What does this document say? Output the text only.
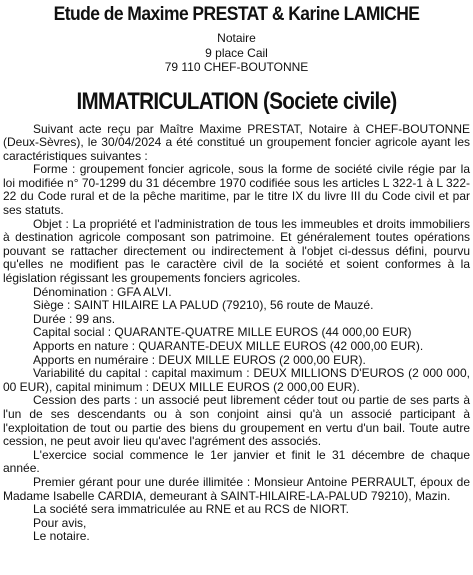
Etude de Maxime PRESTAT & Karine LAMICHE
Notaire
9 place Cail
79 110 CHEF-BOUTONNE
IMMATRICULATION (Societe civile)

Suivant acte reçu par Maître Maxime PRESTAT, Notaire à CHEF-BOUTONNE (Deux-Sèvres), le 30/04/2024 a été constitué un groupement foncier agricole ayant les caractéristiques suivantes :

Forme : groupement foncier agricole, sous la forme de société civile régie par la loi modifiée n° 70-1299 du 31 décembre 1970 codifiée sous les articles L 322-1 à L 322-22 du Code rural et de la pêche maritime, par le titre IX du livre III du Code civil et par ses statuts.

Objet : La propriété et l'administration de tous les immeubles et droits immobiliers à destination agricole composant son patrimoine. Et généralement toutes opérations pouvant se rattacher directement ou indirectement à l'objet ci-dessus défini, pourvu qu'elles ne modifient pas le caractère civil de la société et soient conformes à la législation régissant les groupements fonciers agricoles.

Dénomination : GFA ALVI.

Siège : SAINT HILAIRE LA PALUD (79210), 56 route de Mauzé.

Durée : 99 ans.

Capital social : QUARANTE-QUATRE MILLE EUROS (44 000,00 EUR)

Apports en nature : QUARANTE-DEUX MILLE EUROS (42 000,00 EUR).

Apports en numéraire : DEUX MILLE EUROS (2 000,00 EUR).

Variabilité du capital : capital maximum : DEUX MILLIONS D'EUROS (2 000 000, 00 EUR), capital minimum : DEUX MILLE EUROS (2 000,00 EUR).

Cession des parts : un associé peut librement céder tout ou partie de ses parts à l'un de ses descendants ou à son conjoint ainsi qu'à un associé participant à l'exploitation de tout ou partie des biens du groupement en vertu d'un bail. Toute autre cession, ne peut avoir lieu qu'avec l'agrément des associés.

L'exercice social commence le 1er janvier et finit le 31 décembre de chaque année.

Premier gérant pour une durée illimitée : Monsieur Antoine PERRAULT, époux de Madame Isabelle CARDIA, demeurant à SAINT-HILAIRE-LA-PALUD 79210), Mazin.

La société sera immatriculée au RNE et au RCS de NIORT.

Pour avis,

Le notaire.
